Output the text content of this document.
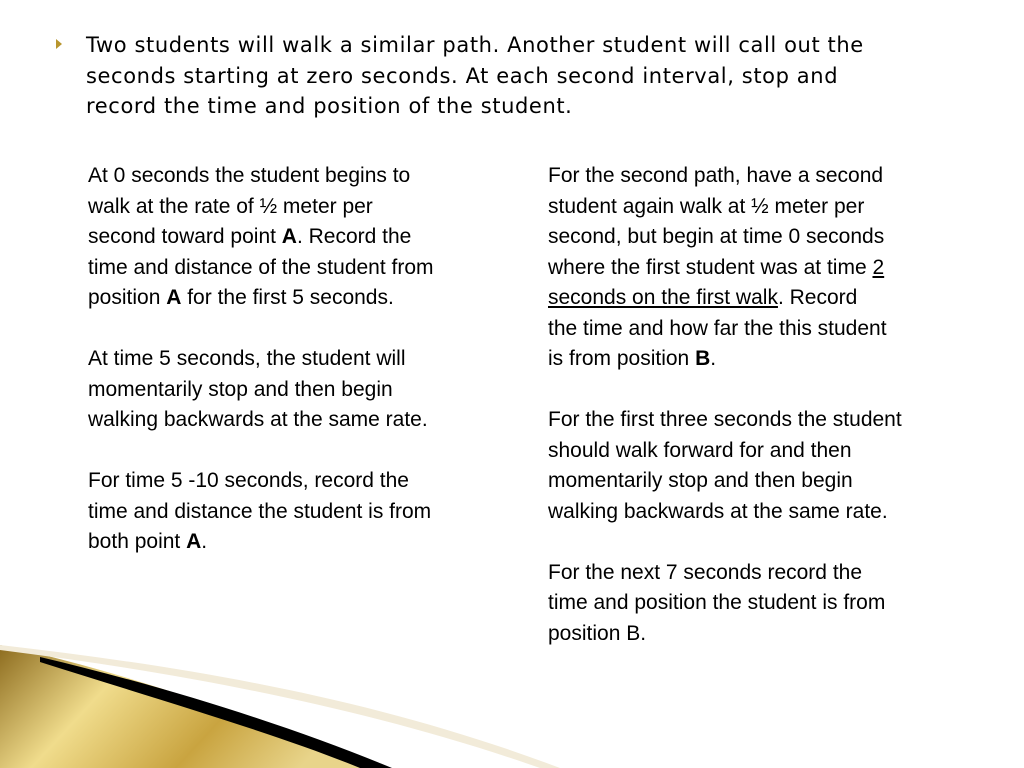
Two students will walk a similar path. Another student will call out the
seconds starting at zero seconds. At each second interval, stop and
record the time and position of the student.

At 0 seconds the student begins to
walk at the rate of ½ meter per
second toward point A. Record the
time and distance of the student from
position A for the first 5 seconds.

At time 5 seconds, the student will
momentarily stop and then begin
walking backwards at the same rate.

For time 5 -10 seconds, record the
time and distance the student is from
both point A.

For the second path, have a second
student again walk at ½ meter per
second, but begin at time 0 seconds
where the first student was at time 2
seconds on the first walk. Record
the time and how far the this student
is from position B.

For the first three seconds the student
should walk forward for and then
momentarily stop and then begin
walking backwards at the same rate.

For the next 7 seconds record the
time and position the student is from
position B.
